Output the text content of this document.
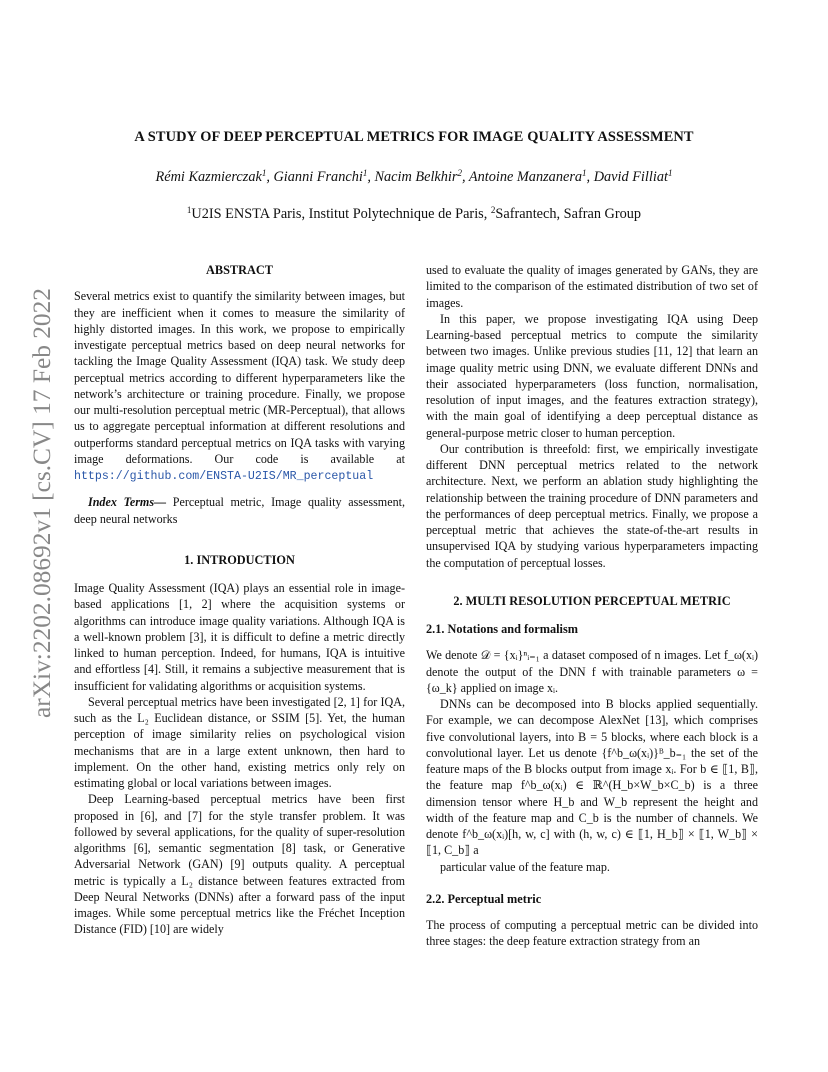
arXiv:2202.08692v1 [cs.CV] 17 Feb 2022
A STUDY OF DEEP PERCEPTUAL METRICS FOR IMAGE QUALITY ASSESSMENT
Rémi Kazmierczak$^1$, Gianni Franchi$^1$, Nacim Belkhir$^2$, Antoine Manzanera$^1$, David Filliat$^1$
$^1$U2IS ENSTA Paris, Institut Polytechnique de Paris, $^2$Safrantech, Safran Group
ABSTRACT

Several metrics exist to quantify the similarity between images, but they are inefficient when it comes to measure the similarity of highly distorted images. In this work, we propose to empirically investigate perceptual metrics based on deep neural networks for tackling the Image Quality Assessment (IQA) task. We study deep perceptual metrics according to different hyperparameters like the network’s architecture or training procedure. Finally, we propose our multi-resolution perceptual metric (MR-Perceptual), that allows us to aggregate perceptual information at different resolutions and outperforms standard perceptual metrics on IQA tasks with varying image deformations. Our code is available at https://github.com/ENSTA-U2IS/MR_perceptual

Index Terms— Perceptual metric, Image quality assessment, deep neural networks

1. INTRODUCTION

Image Quality Assessment (IQA) plays an essential role in image-based applications [1, 2] where the acquisition systems or algorithms can introduce image quality variations. Although IQA is a well-known problem [3], it is difficult to define a metric directly linked to human perception. Indeed, for humans, IQA is intuitive and effortless [4]. Still, it remains a subjective measurement that is insufficient for validating algorithms or acquisition systems.

Several perceptual metrics have been investigated [2, 1] for IQA, such as the L₂ Euclidean distance, or SSIM [5]. Yet, the human perception of image similarity relies on psychological vision mechanisms that are in a large extent unknown, then hard to implement. On the other hand, existing metrics only rely on estimating global or local variations between images.

Deep Learning-based perceptual metrics have been first proposed in [6], and [7] for the style transfer problem. It was followed by several applications, for the quality of super-resolution algorithms [6], semantic segmentation [8] task, or Generative Adversarial Network (GAN) [9] outputs quality. A perceptual metric is typically a L₂ distance between features extracted from Deep Neural Networks (DNNs) after a forward pass of the input images. While some perceptual metrics like the Fréchet Inception Distance (FID) [10] are widely

used to evaluate the quality of images generated by GANs, they are limited to the comparison of the estimated distribution of two set of images.

In this paper, we propose investigating IQA using Deep Learning-based perceptual metrics to compute the similarity between two images. Unlike previous studies [11, 12] that learn an image quality metric using DNN, we evaluate different DNNs and their associated hyperparameters (loss function, normalisation, resolution of input images, and the features extraction strategy), with the main goal of identifying a deep perceptual distance as general-purpose metric closer to human perception.

Our contribution is threefold: first, we empirically investigate different DNN perceptual metrics related to the network architecture. Next, we perform an ablation study highlighting the relationship between the training procedure of DNN parameters and the performances of deep perceptual metrics. Finally, we propose a perceptual metric that achieves the state-of-the-art results in unsupervised IQA by studying various hyperparameters impacting the computation of perceptual losses.

2. MULTI RESOLUTION PERCEPTUAL METRIC
2.1. Notations and formalism

We denote 𝒟 = {xᵢ}ⁿᵢ₌₁ a dataset composed of n images. Let f_ω(xᵢ) denote the output of the DNN f with trainable parameters ω = {ω_k} applied on image xᵢ.

DNNs can be decomposed into B blocks applied sequentially. For example, we can decompose AlexNet [13], which comprises five convolutional layers, into B = 5 blocks, where each block is a convolutional layer. Let us denote {f^b_ω(xᵢ)}ᴮ_b₌₁ the set of the feature maps of the B blocks output from image xᵢ. For b ∈ ⟦1, B⟧, the feature map f^b_ω(xᵢ) ∈ ℝ^(H_b×W_b×C_b) is a three dimension tensor where H_b and W_b represent the height and width of the feature map and C_b is the number of channels. We denote f^b_ω(xᵢ)[h, w, c] with (h, w, c) ∈ ⟦1, H_b⟧ × ⟦1, W_b⟧ × ⟦1, C_b⟧ a

particular value of the feature map.

2.2. Perceptual metric

The process of computing a perceptual metric can be divided into three stages: the deep feature extraction strategy from an
